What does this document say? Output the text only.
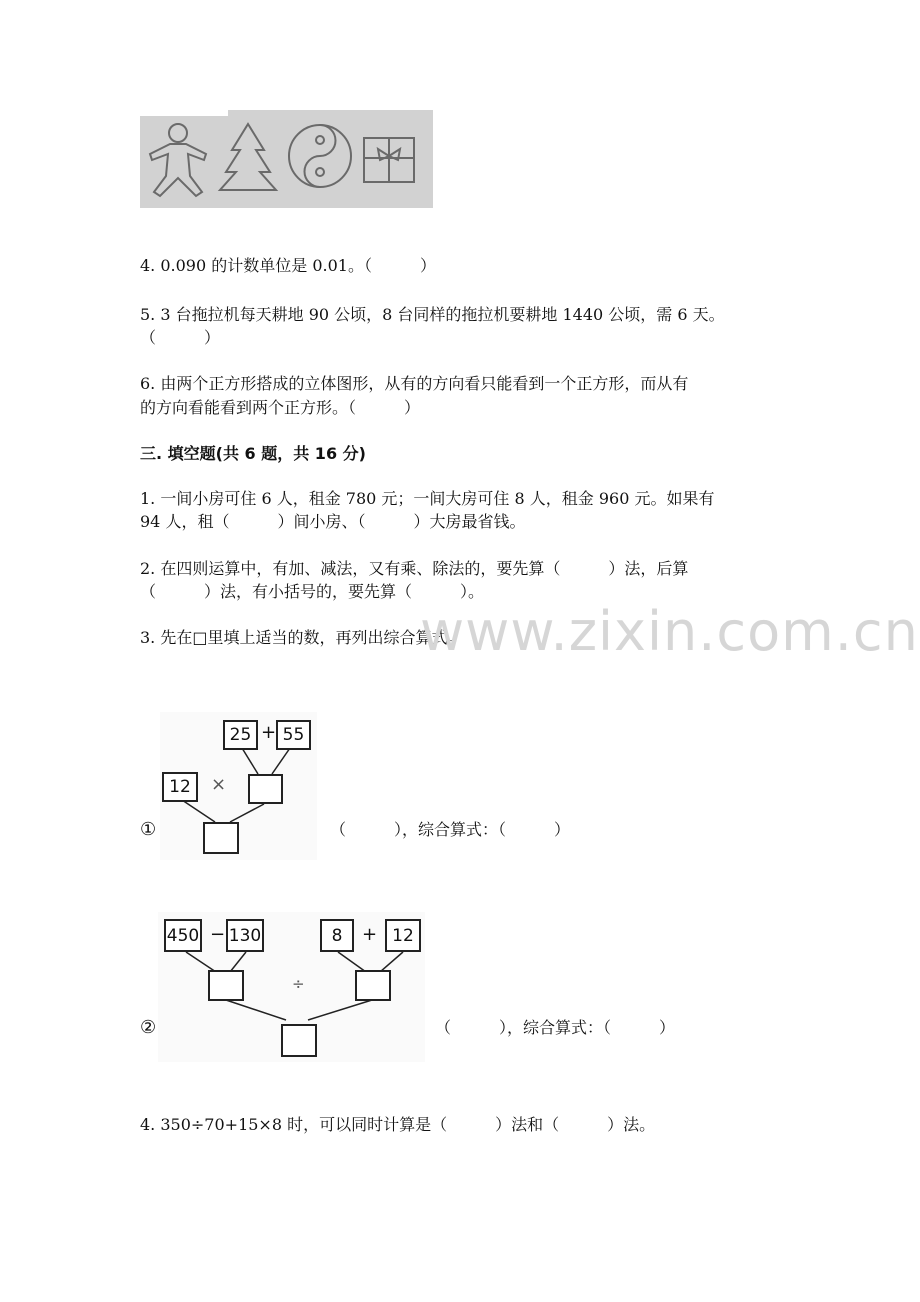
4. 0.090 的计数单位是 0.01。（　　　）
5. 3 台拖拉机每天耕地 90 公顷，8 台同样的拖拉机要耕地 1440 公顷，需 6 天。
（　　　）
6. 由两个正方形搭成的立体图形，从有的方向看只能看到一个正方形，而从有
的方向看能看到两个正方形。（　　　）
三. 填空题(共 6 题，共 16 分)
1. 一间小房可住 6 人，租金 780 元；一间大房可住 8 人，租金 960 元。如果有
94 人，租（　　　）间小房、（　　　）大房最省钱。
2. 在四则运算中，有加、减法，又有乘、除法的，要先算（　　　）法，后算
（　　　）法，有小括号的，要先算（　　　）。
3. 先在□里填上适当的数，再列出综合算式。
www.zixin.com.cn
25 + 55
12	×
①	（　　　），综合算式：（　　　）
450 − 130	8	+ 12
÷
②	（　　　），综合算式：（　　　）
4. 350÷70+15×8 时，可以同时计算是（　　　）法和（　　　）法。
